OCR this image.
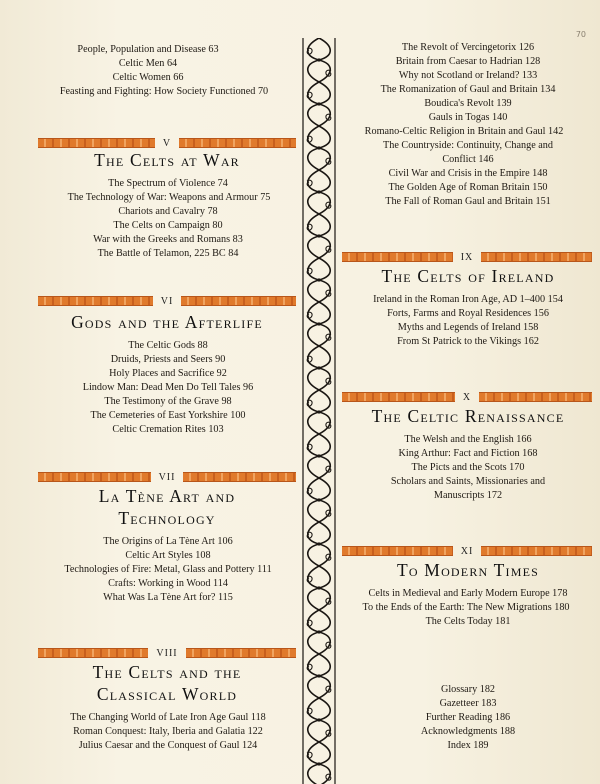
70
People, Population and Disease 63
Celtic Men 64
Celtic Women 66
Feasting and Fighting: How Society Functioned 70
V
The Celts at War
The Spectrum of Violence 74
The Technology of War: Weapons and Armour 75
Chariots and Cavalry 78
The Celts on Campaign 80
War with the Greeks and Romans 83
The Battle of Telamon, 225 BC 84
VI
Gods and the Afterlife
The Celtic Gods 88
Druids, Priests and Seers 90
Holy Places and Sacrifice 92
Lindow Man: Dead Men Do Tell Tales 96
The Testimony of the Grave 98
The Cemeteries of East Yorkshire 100
Celtic Cremation Rites 103
VII
La Tène Art and
Technology
The Origins of La Tène Art 106
Celtic Art Styles 108
Technologies of Fire: Metal, Glass and Pottery 111
Crafts: Working in Wood 114
What Was La Tène Art for? 115
VIII
The Celts and the
Classical World
The Changing World of Late Iron Age Gaul 118
Roman Conquest: Italy, Iberia and Galatia 122
Julius Caesar and the Conquest of Gaul 124
The Revolt of Vercingetorix 126
Britain from Caesar to Hadrian 128
Why not Scotland or Ireland? 133
The Romanization of Gaul and Britain 134
Boudica's Revolt 139
Gauls in Togas 140
Romano-Celtic Religion in Britain and Gaul 142
The Countryside: Continuity, Change and
Conflict 146
Civil War and Crisis in the Empire 148
The Golden Age of Roman Britain 150
The Fall of Roman Gaul and Britain 151
IX
The Celts of Ireland
Ireland in the Roman Iron Age, AD 1–400 154
Forts, Farms and Royal Residences 156
Myths and Legends of Ireland 158
From St Patrick to the Vikings 162
X
The Celtic Renaissance
The Welsh and the English 166
King Arthur: Fact and Fiction 168
The Picts and the Scots 170
Scholars and Saints, Missionaries and
Manuscripts 172
XI
To Modern Times
Celts in Medieval and Early Modern Europe 178
To the Ends of the Earth: The New Migrations 180
The Celts Today 181
Glossary 182
Gazetteer 183
Further Reading 186
Acknowledgments 188
Index 189
